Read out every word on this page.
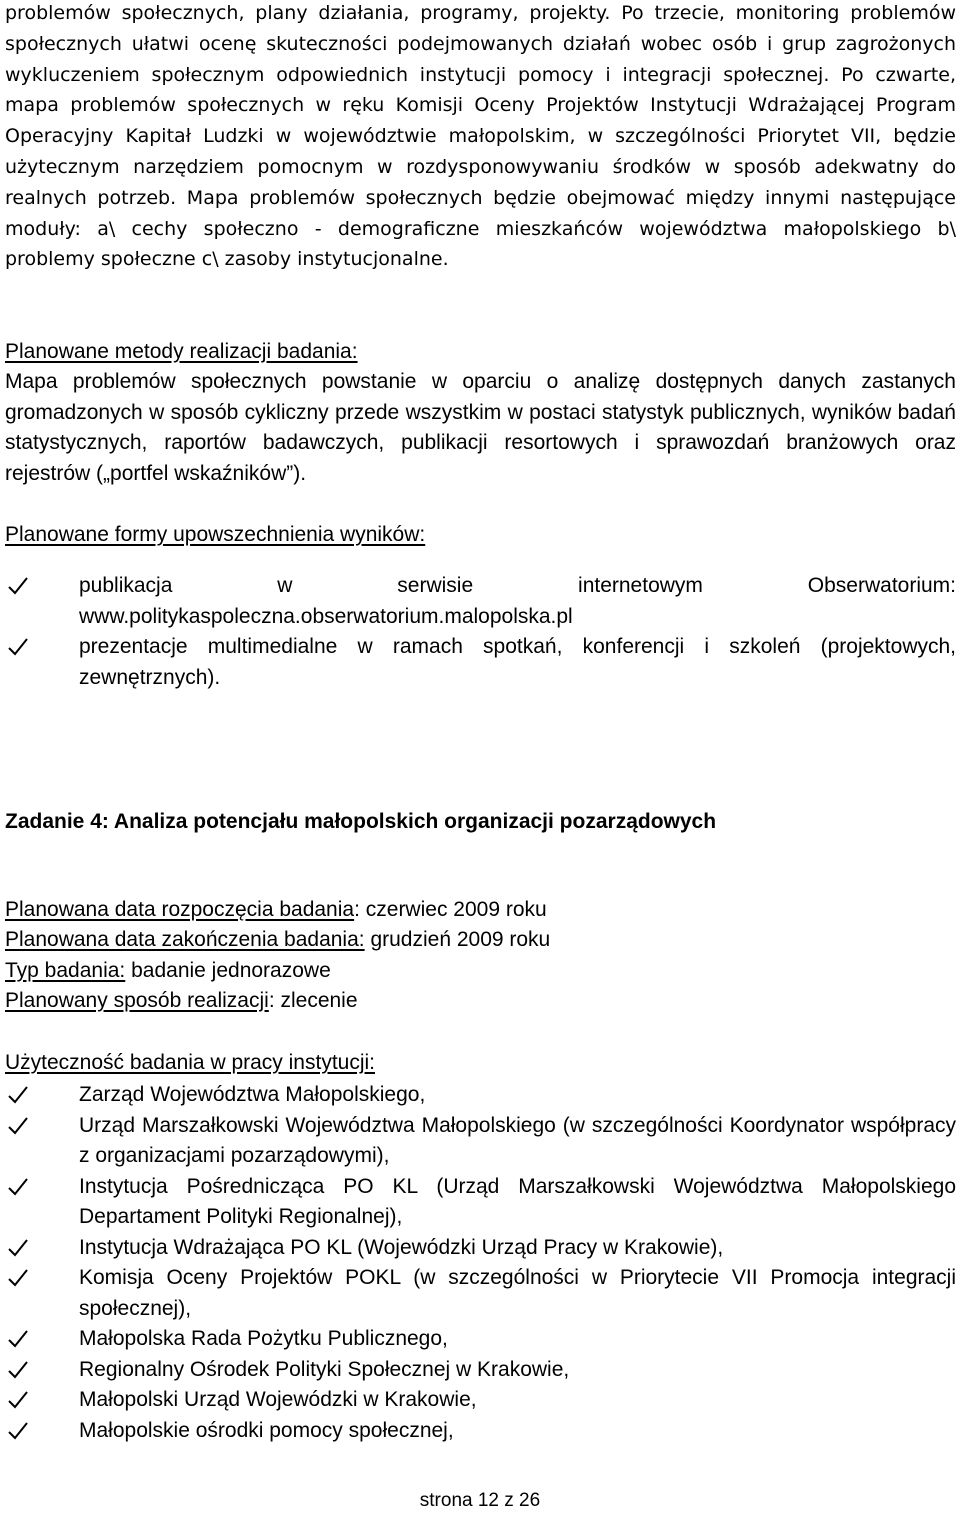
problemów społecznych, plany działania, programy, projekty. Po trzecie, monitoring problemów społecznych ułatwi ocenę skuteczności podejmowanych działań wobec osób i grup zagrożonych wykluczeniem społecznym odpowiednich instytucji pomocy i integracji społecznej. Po czwarte, mapa problemów społecznych w ręku Komisji Oceny Projektów Instytucji Wdrażającej Program Operacyjny Kapitał Ludzki w województwie małopolskim, w szczególności Priorytet VII, będzie użytecznym narzędziem pomocnym w rozdysponowywaniu środków w sposób adekwatny do realnych potrzeb. Mapa problemów społecznych będzie obejmować między innymi następujące moduły: a\ cechy społeczno - demograficzne mieszkańców województwa małopolskiego b\ problemy społeczne c\ zasoby instytucjonalne.

Planowane metody realizacji badania:

Mapa problemów społecznych powstanie w oparciu o analizę dostępnych danych zastanych gromadzonych w sposób cykliczny przede wszystkim w postaci statystyk publicznych, wyników badań statystycznych, raportów badawczych, publikacji resortowych i sprawozdań branżowych oraz rejestrów („portfel wskaźników”).

Planowane formy upowszechnienia wyników:
publikacja w serwisie internetowym Obserwatorium:
www.politykaspoleczna.obserwatorium.malopolska.pl
prezentacje multimedialne w ramach spotkań, konferencji i szkoleń (projektowych, zewnętrznych).
Zadanie 4: Analiza potencjału małopolskich organizacji pozarządowych
Planowana data rozpoczęcia badania: czerwiec 2009 roku
Planowana data zakończenia badania: grudzień 2009 roku
Typ badania: badanie jednorazowe
Planowany sposób realizacji: zlecenie
Użyteczność badania w pracy instytucji:
Zarząd Województwa Małopolskiego,
Urząd Marszałkowski Województwa Małopolskiego (w szczególności Koordynator współpracy z organizacjami pozarządowymi),
Instytucja Pośrednicząca PO KL (Urząd Marszałkowski Województwa Małopolskiego Departament Polityki Regionalnej),
Instytucja Wdrażająca PO KL (Wojewódzki Urząd Pracy w Krakowie),
Komisja Oceny Projektów POKL (w szczególności w Priorytecie VII Promocja integracji społecznej),
Małopolska Rada Pożytku Publicznego,
Regionalny Ośrodek Polityki Społecznej w Krakowie,
Małopolski Urząd Wojewódzki w Krakowie,
Małopolskie ośrodki pomocy społecznej,
strona 12 z 26
